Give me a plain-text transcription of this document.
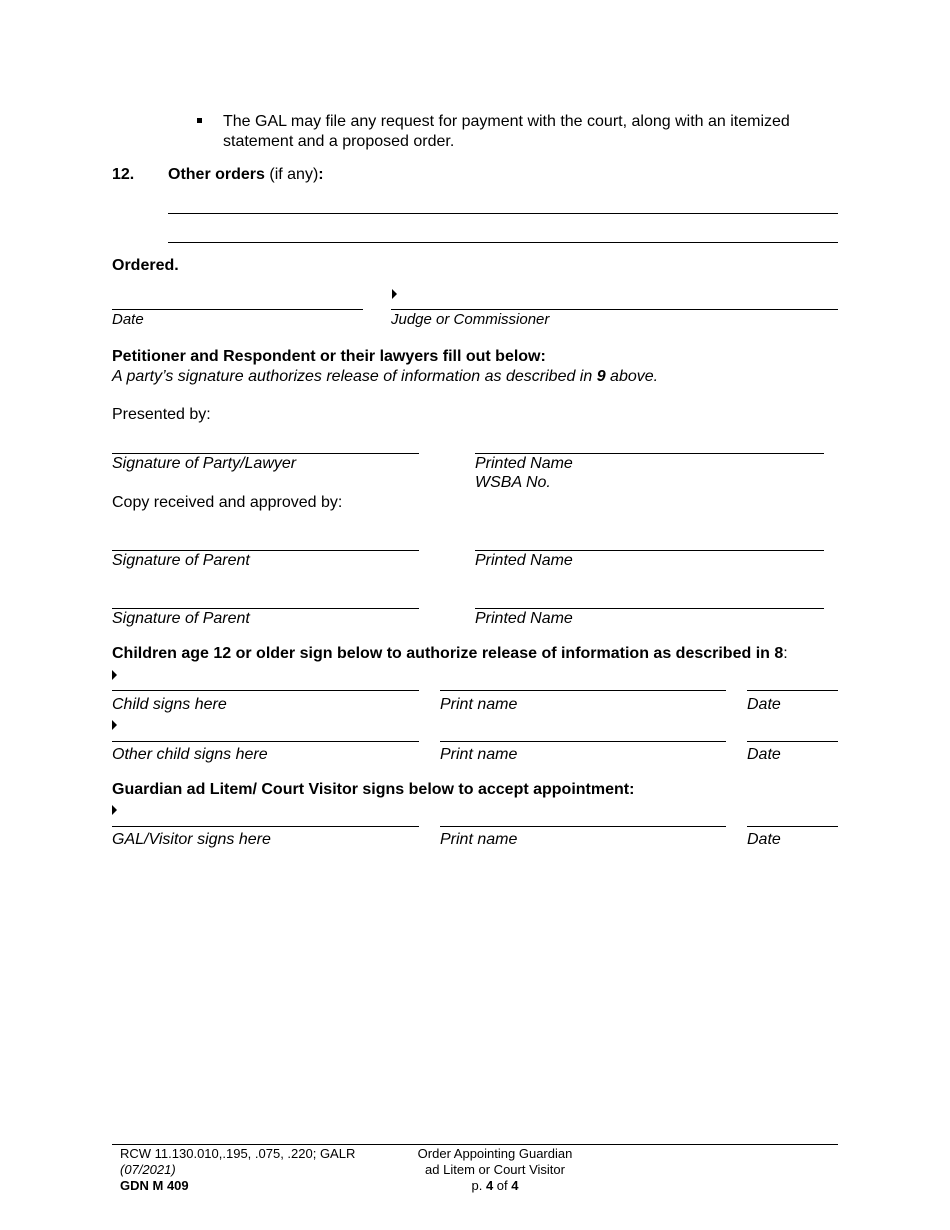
The GAL may file any request for payment with the court, along with an itemized statement and a proposed order.
12. Other orders (if any):
Ordered.
Date	Judge or Commissioner
Petitioner and Respondent or their lawyers fill out below:
A party’s signature authorizes release of information as described in 9 above.
Presented by:
Signature of Party/Lawyer	Printed Name
WSBA No.
Copy received and approved by:
Signature of Parent	Printed Name
Signature of Parent	Printed Name
Children age 12 or older sign below to authorize release of information as described in 8:
Child signs here	Print name	Date
Other child signs here	Print name	Date
Guardian ad Litem/ Court Visitor signs below to accept appointment:
GAL/Visitor signs here	Print name	Date
RCW 11.130.010,.195, .075, .220; GALR
(07/2021)
GDN M 409
Order Appointing Guardian
ad Litem or Court Visitor
p. 4 of 4
